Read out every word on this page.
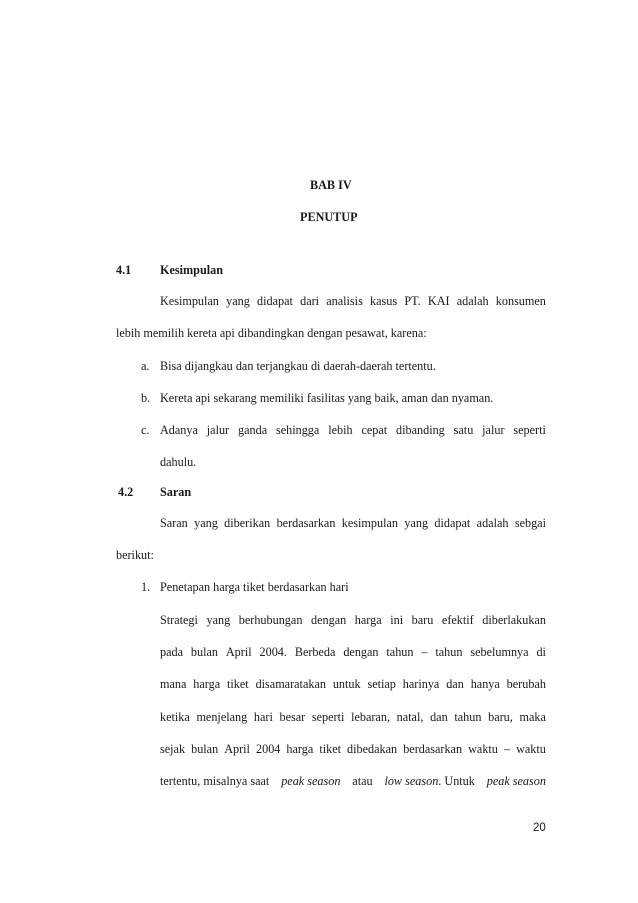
BAB IV
PENUTUP
4.1 Kesimpulan
Kesimpulan yang didapat dari analisis kasus PT. KAI adalah konsumen
lebih memilih kereta api dibandingkan dengan pesawat, karena:
a. Bisa dijangkau dan terjangkau di daerah-daerah tertentu.
b. Kereta api sekarang memiliki fasilitas yang baik, aman dan nyaman.
c. Adanya jalur ganda sehingga lebih cepat dibanding satu jalur seperti
dahulu.
4.2 Saran
Saran yang diberikan berdasarkan kesimpulan yang didapat adalah sebgai
berikut:
1. Penetapan harga tiket berdasarkan hari
Strategi yang berhubungan dengan harga ini baru efektif diberlakukan
pada bulan April 2004. Berbeda dengan tahun – tahun sebelumnya di
mana harga tiket disamaratakan untuk setiap harinya dan hanya berubah
ketika menjelang hari besar seperti lebaran, natal, dan tahun baru, maka
sejak bulan April 2004 harga tiket dibedakan berdasarkan waktu – waktu
tertentu, misalnya saat peak season atau low season. Untuk peak season
20
